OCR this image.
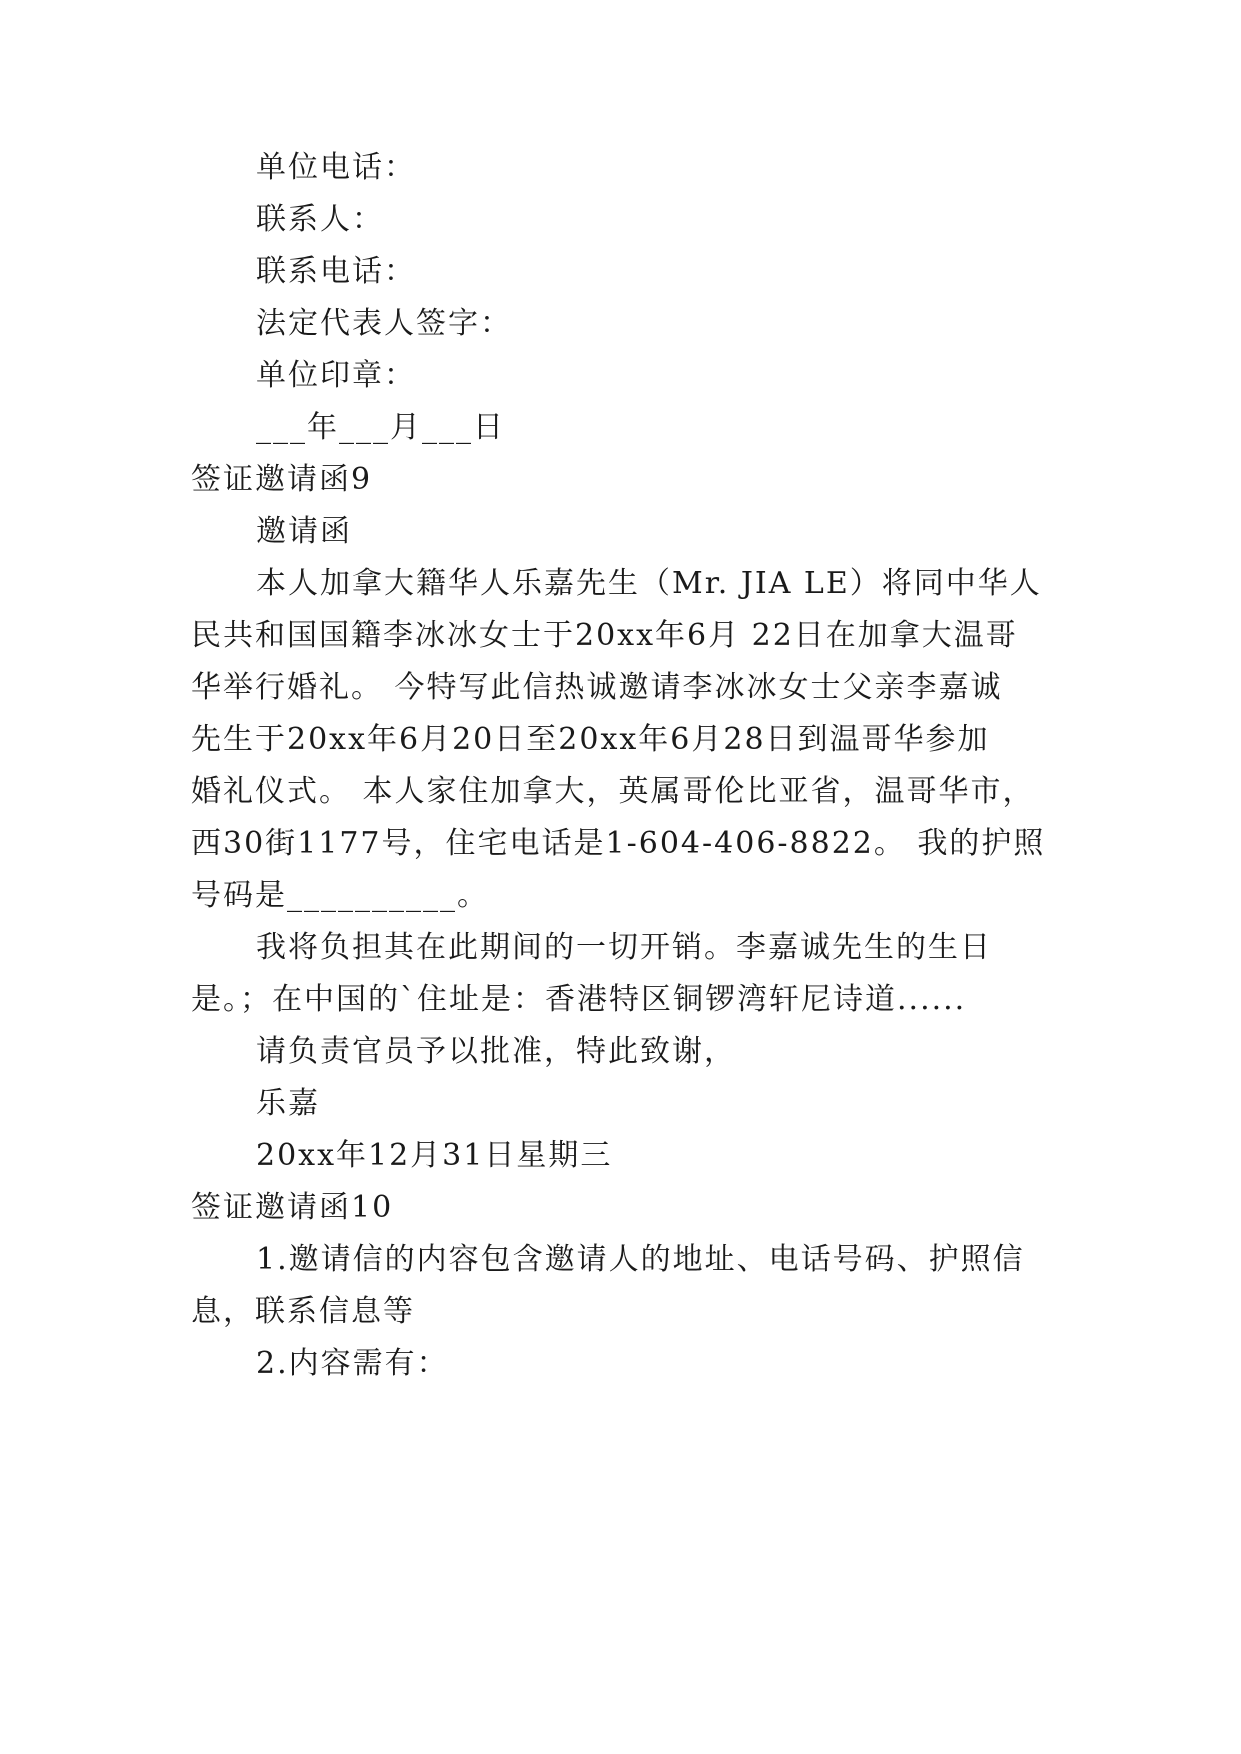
单位电话：
联系人：
联系电话：
法定代表人签字：
单位印章：
___年___月___日
签证邀请函9
邀请函
本人加拿大籍华人乐嘉先生（Mr. JIA LE）将同中华人
民共和国国籍李冰冰女士于20xx年6月 22日在加拿大温哥
华举行婚礼。 今特写此信热诚邀请李冰冰女士父亲李嘉诚
先生于20xx年6月20日至20xx年6月28日到温哥华参加
婚礼仪式。 本人家住加拿大，英属哥伦比亚省，温哥华市，
西30街1177号，住宅电话是1-604-406-8822。 我的护照
号码是__________。
我将负担其在此期间的一切开销。李嘉诚先生的生日
是。；在中国的`住址是：香港特区铜锣湾轩尼诗道......
请负责官员予以批准，特此致谢，
乐嘉
20xx年12月31日星期三
签证邀请函10
1.邀请信的内容包含邀请人的地址、电话号码、护照信
息，联系信息等
2.内容需有：
